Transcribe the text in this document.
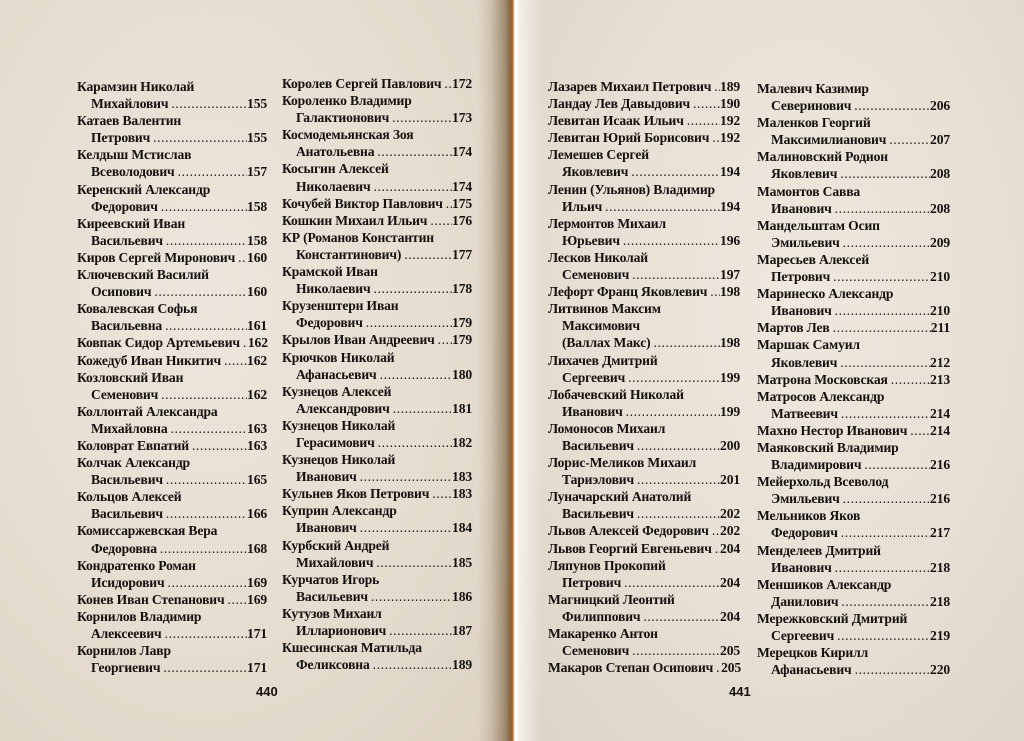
Карамзин Николай
Михайлович .....	155
Катаев Валентин
Петрович .....	155
Келдыш Мстислав
Всеволодович .....	157
Керенский Александр
Федорович .....	158
Киреевский Иван
Васильевич .....	158
Киров Сергей Миронович ..... 160
Ключевский Василий
Осипович .....	160
Ковалевская Софья
Васильевна .....	161
Ковпак Сидор Артемьевич ..... 162
Кожедуб Иван Никитич ..... 162
Козловский Иван
Семенович .....	162
Коллонтай Александра
Михайловна .....	163
Коловрат Евпатий .....	163
Колчак Александр
Васильевич .....	165
Кольцов Алексей
Васильевич .....	166
Комиссаржевская Вера
Федоровна .....	168
Кондратенко Роман
Исидорович .....	169
Конев Иван Степанович ..... 169
Корнилов Владимир
Алексеевич .....	171
Корнилов Лавр
Георгиевич .....	171
Королев Сергей Павлович ..... 172
Короленко Владимир
Галактионович .....	173
Космодемьянская Зоя
Анатольевна .....	174
Косыгин Алексей
Николаевич .....	174
Кочубей Виктор Павлович ..... 175
Кошкин Михаил Ильич ..... 176
КР (Романов Константин
Константинович) .....	177
Крамской Иван
Николаевич .....	178
Крузенштерн Иван
Федорович .....	179
Крылов Иван Андреевич ..... 179
Крючков Николай
Афанасьевич .....	180
Кузнецов Алексей
Александрович .....	181
Кузнецов Николай
Герасимович .....	182
Кузнецов Николай
Иванович .....	183
Кульнев Яков Петрович ..... 183
Куприн Александр
Иванович .....	184
Курбский Андрей
Михайлович .....	185
Курчатов Игорь
Васильевич .....	186
Кутузов Михаил
Илларионович .....	187
Кшесинская Матильда
Феликсовна .....	189
440
Лазарев Михаил Петрович ..... 189
Ландау Лев Давыдович ..... 190
Левитан Исаак Ильич .....	192
Левитан Юрий Борисович ..... 192
Лемешев Сергей
Яковлевич .....	194
Ленин (Ульянов) Владимир
Ильич .....	194
Лермонтов Михаил
Юрьевич .....	196
Лесков Николай
Семенович .....	197
Лефорт Франц Яковлевич ..... 198
Литвинов Максим
Максимович
(Валлах Макс) .....	198
Лихачев Дмитрий
Сергеевич .....	199
Лобачевский Николай
Иванович .....	199
Ломоносов Михаил
Васильевич .....	200
Лорис-Меликов Михаил
Тариэлович .....	201
Луначарский Анатолий
Васильевич .....	202
Львов Алексей Федорович ..... 202
Львов Георгий Евгеньевич ..... 204
Ляпунов Прокопий
Петрович .....	204
Магницкий Леонтий
Филиппович .....	204
Макаренко Антон
Семенович .....	205
Макаров Степан Осипович ..... 205
Малевич Казимир
Северинович .....	206
Маленков Георгий
Максимилианович .....	207
Малиновский Родион
Яковлевич .....	208
Мамонтов Савва
Иванович .....	208
Мандельштам Осип
Эмильевич .....	209
Маресьев Алексей
Петрович .....	210
Маринеско Александр
Иванович .....	210
Мартов Лев .....	211
Маршак Самуил
Яковлевич .....	212
Матрона Московская .....	213
Матросов Александр
Матвеевич .....	214
Махно Нестор Иванович ..... 214
Маяковский Владимир
Владимирович .....	216
Мейерхольд Всеволод
Эмильевич .....	216
Мельников Яков
Федорович .....	217
Менделеев Дмитрий
Иванович .....	218
Меншиков Александр
Данилович .....	218
Мережковский Дмитрий
Сергеевич .....	219
Мерецков Кирилл
Афанасьевич .....	220
441
